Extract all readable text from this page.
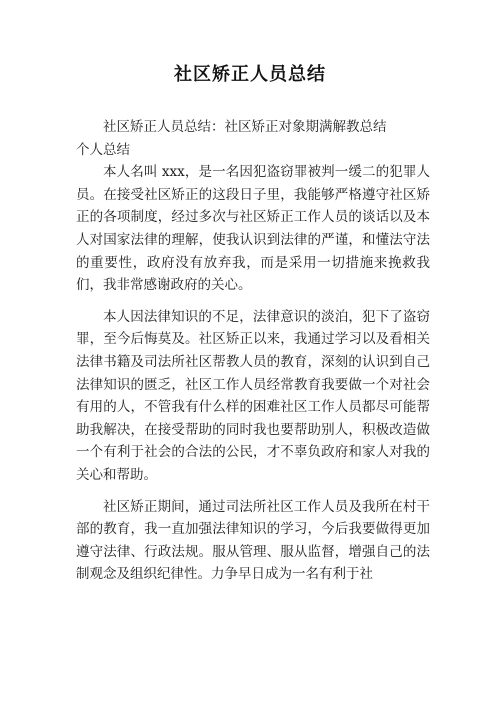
社区矫正人员总结

社区矫正人员总结：社区矫正对象期满解教总结

个人总结

本人名叫 xxx，是一名因犯盗窃罪被判一缓二的犯罪人员。在接受社区矫正的这段日子里，我能够严格遵守社区矫正的各项制度，经过多次与社区矫正工作人员的谈话以及本人对国家法律的理解，使我认识到法律的严谨，和懂法守法的重要性，政府没有放弃我，而是采用一切措施来挽救我们，我非常感谢政府的关心。

本人因法律知识的不足，法律意识的淡泊，犯下了盗窃罪，至今后悔莫及。社区矫正以来，我通过学习以及看相关法律书籍及司法所社区帮教人员的教育，深刻的认识到自己法律知识的匮乏，社区工作人员经常教育我要做一个对社会有用的人，不管我有什么样的困难社区工作人员都尽可能帮助我解决，在接受帮助的同时我也要帮助别人，积极改造做一个有利于社会的合法的公民，才不辜负政府和家人对我的关心和帮助。

社区矫正期间，通过司法所社区工作人员及我所在村干部的教育，我一直加强法律知识的学习，今后我要做得更加遵守法律、行政法规。服从管理、服从监督，增强自己的法制观念及组织纪律性。力争早日成为一名有利于社
